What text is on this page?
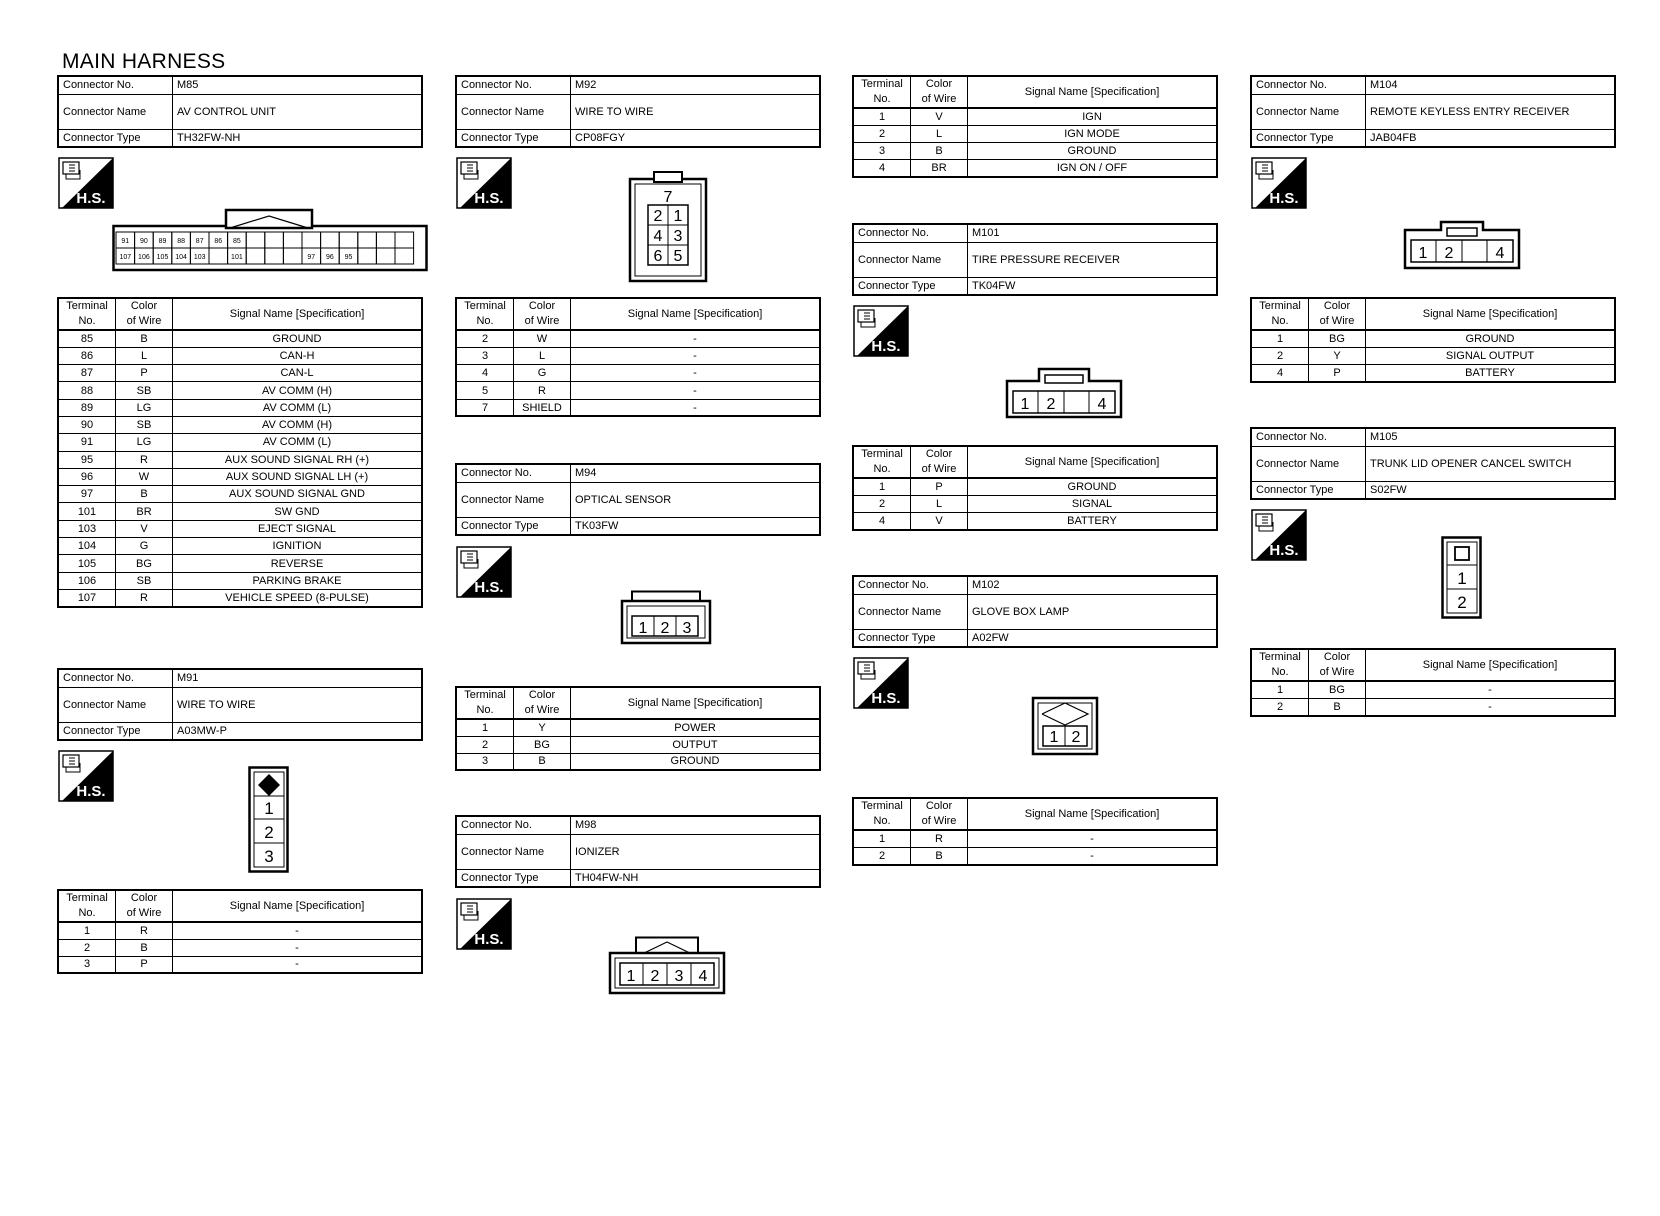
MAIN HARNESS
Connector No.	M85
Connector Name	AV CONTROL UNIT
Connector Type	TH32FW-NH
H.S.
91 90 89 88 87 86 85
107 106 105 104 103	101	97 96 95
Terminal
No.	Color
of Wire	Signal Name [Specification]
85	B	GROUND
86	L	CAN-H
87	P	CAN-L
88	SB	AV COMM (H)
89	LG	AV COMM (L)
90	SB	AV COMM (H)
91	LG	AV COMM (L)
95	R	AUX SOUND SIGNAL RH (+)
96	W	AUX SOUND SIGNAL LH (+)
97	B	AUX SOUND SIGNAL GND
101	BR	SW GND
103	V	EJECT SIGNAL
104	G	IGNITION
105	BG	REVERSE
106	SB	PARKING BRAKE
107	R	VEHICLE SPEED (8-PULSE)
Connector No.	M91
Connector Name	WIRE TO WIRE
Connector Type	A03MW-P
H.S.
1
2
3
Terminal
No.	Color
of Wire	Signal Name [Specification]
1	R	-
2	B	-
3	P	-
Connector No.	M92
Connector Name	WIRE TO WIRE
Connector Type	CP08FGY
H.S.	7
2 1
4 3
6 5
Terminal
No.	Color
of Wire	Signal Name [Specification]
2	W	-
3	L	-
4	G	-
5	R	-
7	SHIELD	-
Connector No.	M94
Connector Name	OPTICAL SENSOR
Connector Type	TK03FW
H.S.
1 2 3
Terminal
No.	Color
of Wire	Signal Name [Specification]
1	Y	POWER
2	BG	OUTPUT
3	B	GROUND
Connector No.	M98
Connector Name	IONIZER
Connector Type	TH04FW-NH
H.S.
1 2 3 4
Terminal
No.	Color
of Wire	Signal Name [Specification]
1	V	IGN
2	L	IGN MODE
3	B	GROUND
4	BR	IGN ON / OFF
Connector No.	M101
Connector Name	TIRE PRESSURE RECEIVER
Connector Type	TK04FW
H.S.
1 2	4
Terminal
No.	Color
of Wire	Signal Name [Specification]
1	P	GROUND
2	L	SIGNAL
4	V	BATTERY
Connector No.	M102
Connector Name	GLOVE BOX LAMP
Connector Type	A02FW
H.S.
1 2
Terminal
No.	Color
of Wire	Signal Name [Specification]
1	R	-
2	B	-
Connector No.	M104
Connector Name	REMOTE KEYLESS ENTRY RECEIVER
Connector Type	JAB04FB
H.S.
1 2	4
Terminal
No.	Color
of Wire	Signal Name [Specification]
1	BG	GROUND
2	Y	SIGNAL OUTPUT
4	P	BATTERY
Connector No.	M105
Connector Name	TRUNK LID OPENER CANCEL SWITCH
Connector Type	S02FW
H.S.
1
2
Terminal
No.	Color
of Wire	Signal Name [Specification]
1	BG	-
2	B	-
